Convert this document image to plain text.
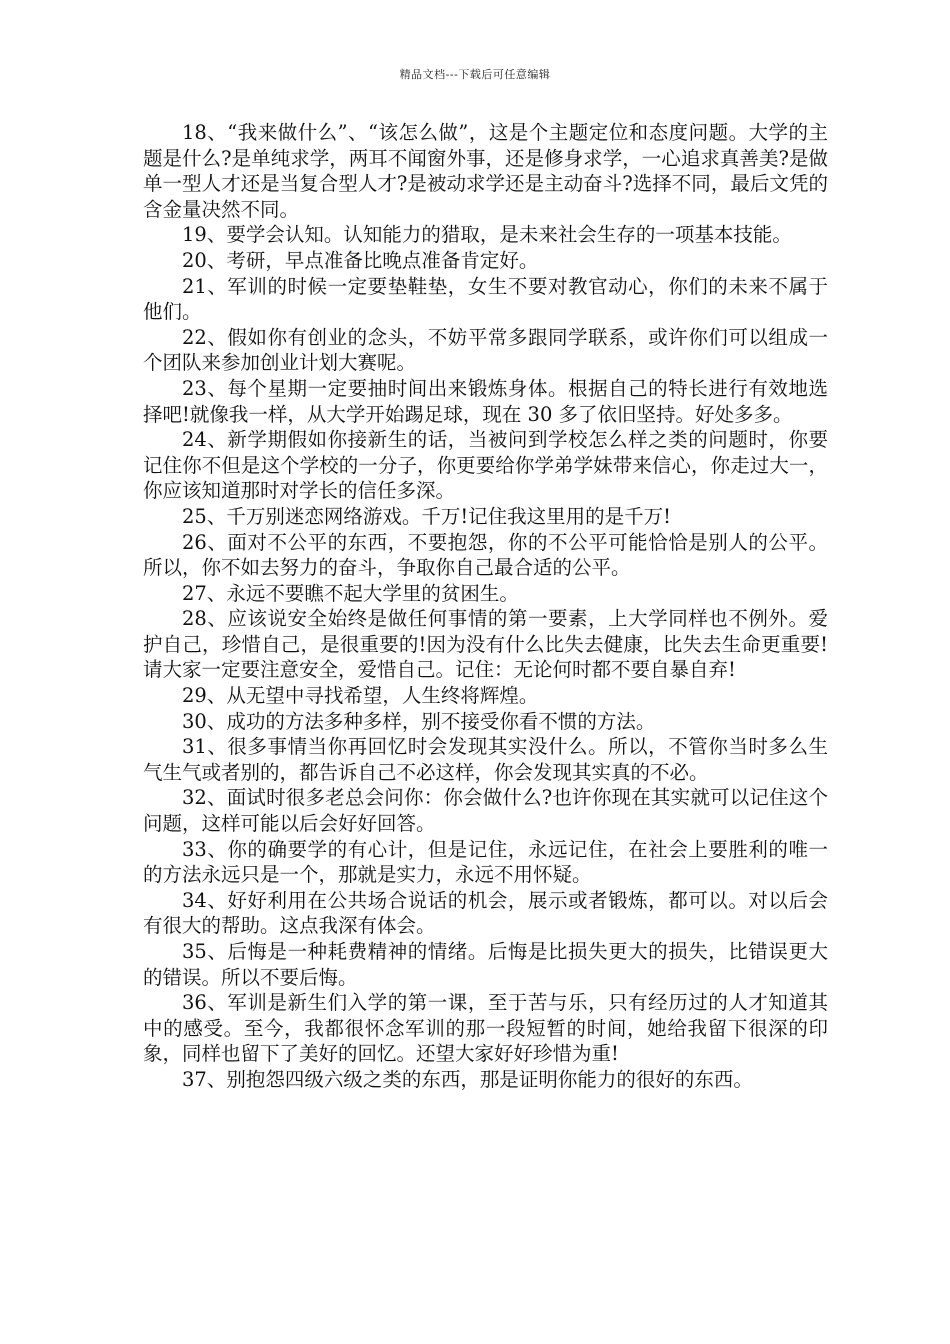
精品文档---下载后可任意编辑

18、“我来做什么”、“该怎么做”，这是个主题定位和态度问题。大学的主题是什么?是单纯求学，两耳不闻窗外事，还是修身求学，一心追求真善美?是做单一型人才还是当复合型人才?是被动求学还是主动奋斗?选择不同，最后文凭的含金量决然不同。

19、要学会认知。认知能力的猎取，是未来社会生存的一项基本技能。

20、考研，早点准备比晚点准备肯定好。

21、军训的时候一定要垫鞋垫，女生不要对教官动心，你们的未来不属于他们。

22、假如你有创业的念头，不妨平常多跟同学联系，或许你们可以组成一个团队来参加创业计划大赛呢。

23、每个星期一定要抽时间出来锻炼身体。根据自己的特长进行有效地选择吧!就像我一样，从大学开始踢足球，现在 30 多了依旧坚持。好处多多。

24、新学期假如你接新生的话，当被问到学校怎么样之类的问题时，你要记住你不但是这个学校的一分子，你更要给你学弟学妹带来信心，你走过大一，你应该知道那时对学长的信任多深。

25、千万别迷恋网络游戏。千万!记住我这里用的是千万!

26、面对不公平的东西，不要抱怨，你的不公平可能恰恰是别人的公平。所以，你不如去努力的奋斗，争取你自己最合适的公平。

27、永远不要瞧不起大学里的贫困生。

28、应该说安全始终是做任何事情的第一要素，上大学同样也不例外。爱护自己，珍惜自己，是很重要的!因为没有什么比失去健康，比失去生命更重要!请大家一定要注意安全，爱惜自己。记住：无论何时都不要自暴自弃!

29、从无望中寻找希望，人生终将辉煌。

30、成功的方法多种多样，别不接受你看不惯的方法。

31、很多事情当你再回忆时会发现其实没什么。所以，不管你当时多么生气生气或者别的，都告诉自己不必这样，你会发现其实真的不必。

32、面试时很多老总会问你：你会做什么?也许你现在其实就可以记住这个问题，这样可能以后会好好回答。

33、你的确要学的有心计，但是记住，永远记住，在社会上要胜利的唯一的方法永远只是一个，那就是实力，永远不用怀疑。

34、好好利用在公共场合说话的机会，展示或者锻炼，都可以。对以后会有很大的帮助。这点我深有体会。

35、后悔是一种耗费精神的情绪。后悔是比损失更大的损失，比错误更大的错误。所以不要后悔。

36、军训是新生们入学的第一课，至于苦与乐，只有经历过的人才知道其中的感受。至今，我都很怀念军训的那一段短暂的时间，她给我留下很深的印象，同样也留下了美好的回忆。还望大家好好珍惜为重!

37、别抱怨四级六级之类的东西，那是证明你能力的很好的东西。
